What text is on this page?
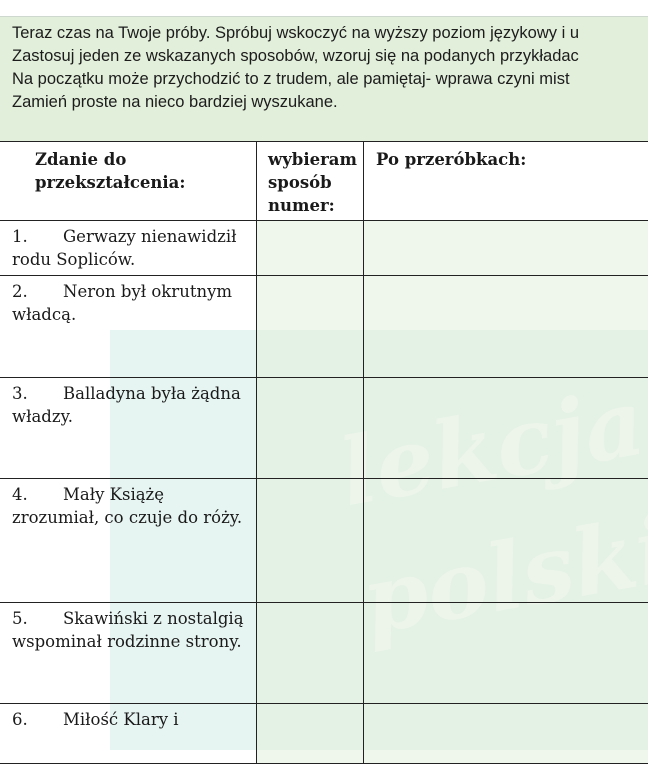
Teraz czas na Twoje próby. Spróbuj wskoczyć na wyższy poziom językowy i u
Zastosuj jeden ze wskazanych sposobów, wzoruj się na podanych przykładac
Na początku może przychodzić to z trudem, ale pamiętaj- wprawa czyni mist
Zamień proste na nieco bardziej wyszukane.
Zdanie do przekształcenia:	wybieram sposób numer:	Po przeróbkach:
1. Gerwazy nienawidził
rodu Sopliców.		

2. Neron był okrutnym
władcą.		

3. Balladyna była żądna
władzy.		

4. Mały Książę
zrozumiał, co czuje do róży.		

5. Skawiński z nostalgią
wspominał rodzinne strony.		

6. Miłość Klary i
